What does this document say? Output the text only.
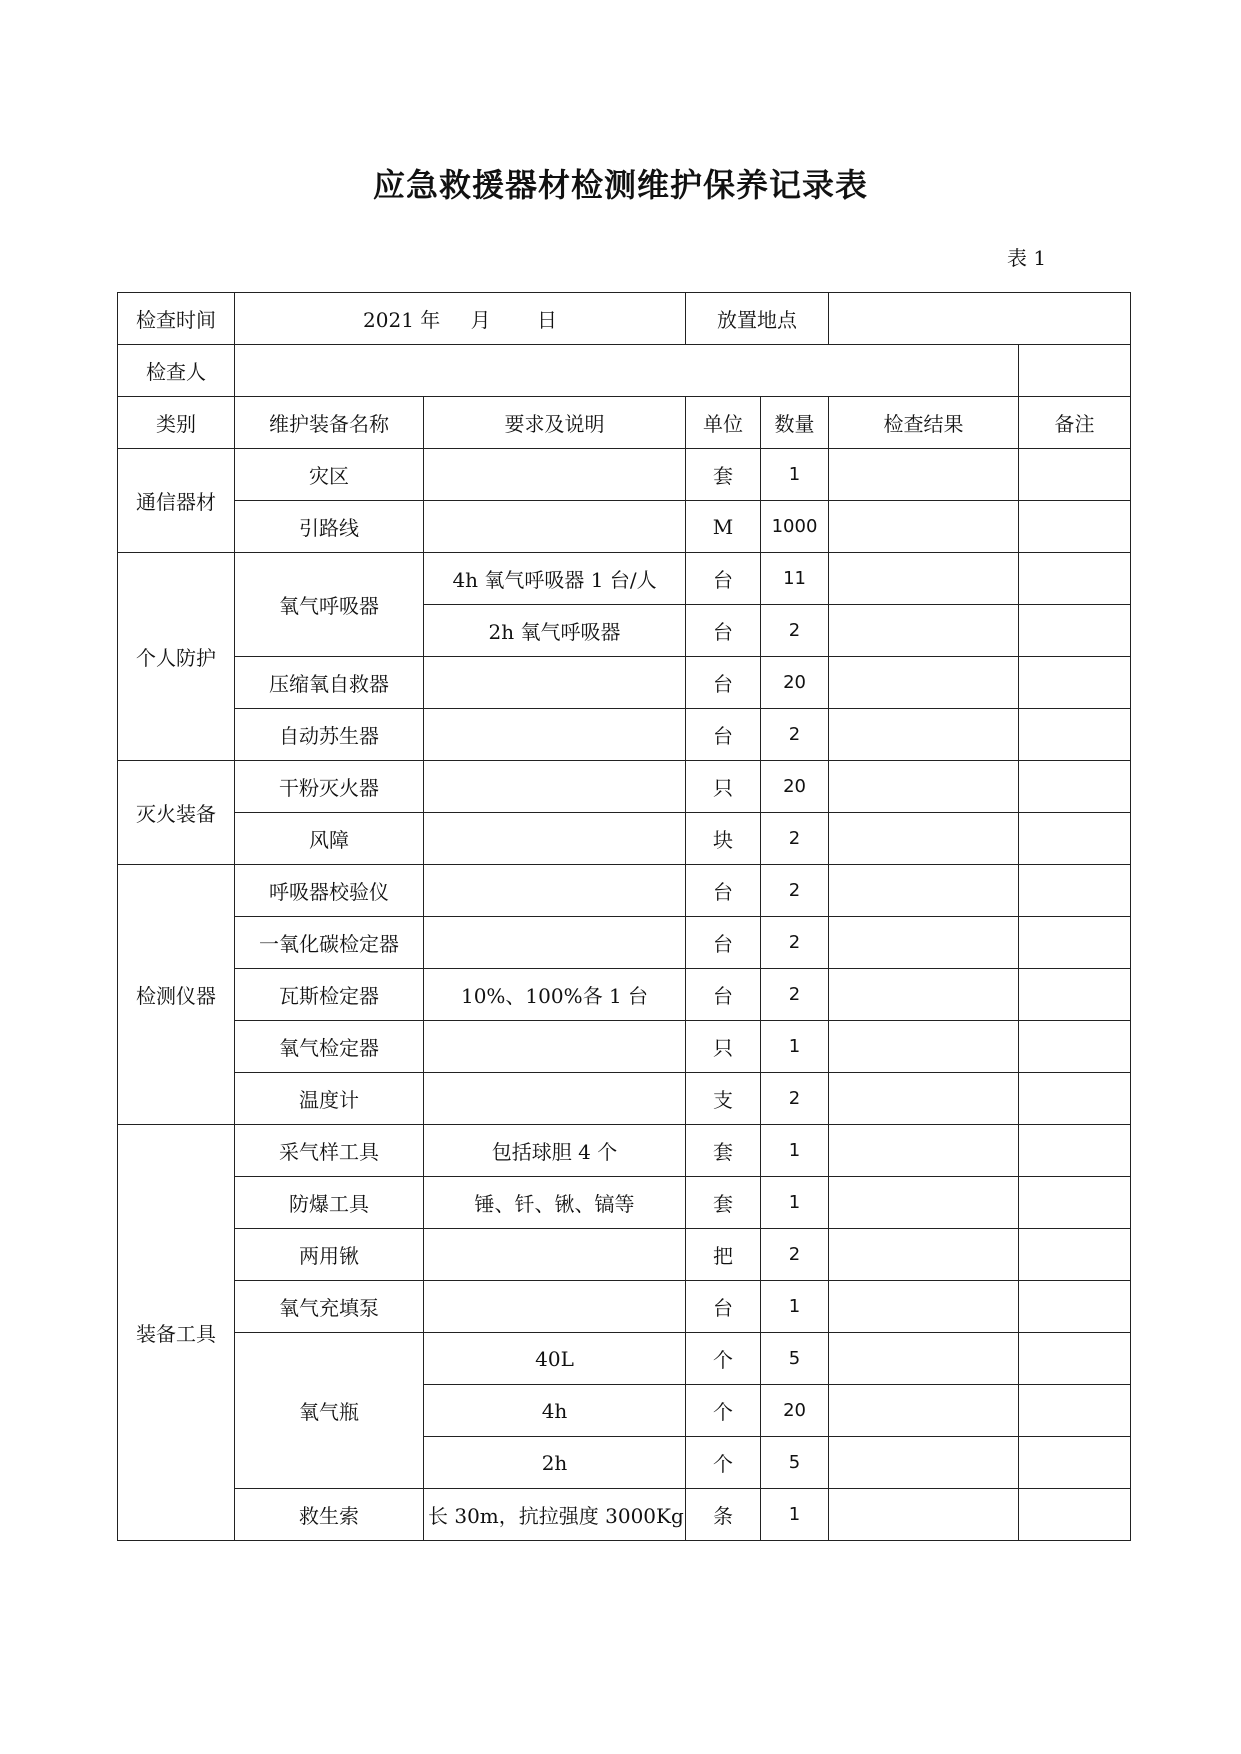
应急救援器材检测维护保养记录表
表 1
检查时间	2021 年 月 日		放置地点			
检查人						
类别	维护装备名称	要求及说明	单位	数量	检查结果	备注
通信器材	灾区		套	1		
	引路线		M	1000		
个人防护	氧气呼吸器	4h 氧气呼吸器 1 台/人	台	11		
		2h 氧气呼吸器	台	2		
	压缩氧自救器		台	20		
	自动苏生器		台	2		
灭火装备	干粉灭火器		只	20		
	风障		块	2		
检测仪器	呼吸器校验仪		台	2		
	一氧化碳检定器		台	2		
	瓦斯检定器	10%、100%各 1 台	台	2		
	氧气检定器		只	1		
	温度计		支	2		
装备工具	采气样工具	包括球胆 4 个	套	1		
	防爆工具	锤、钎、锹、镐等	套	1		
	两用锹		把	2		
	氧气充填泵		台	1		
	氧气瓶	40L	个	5		
		4h	个	20		
		2h	个	5		
	救生索	长 30m，抗拉强度 3000Kg	条	1		
